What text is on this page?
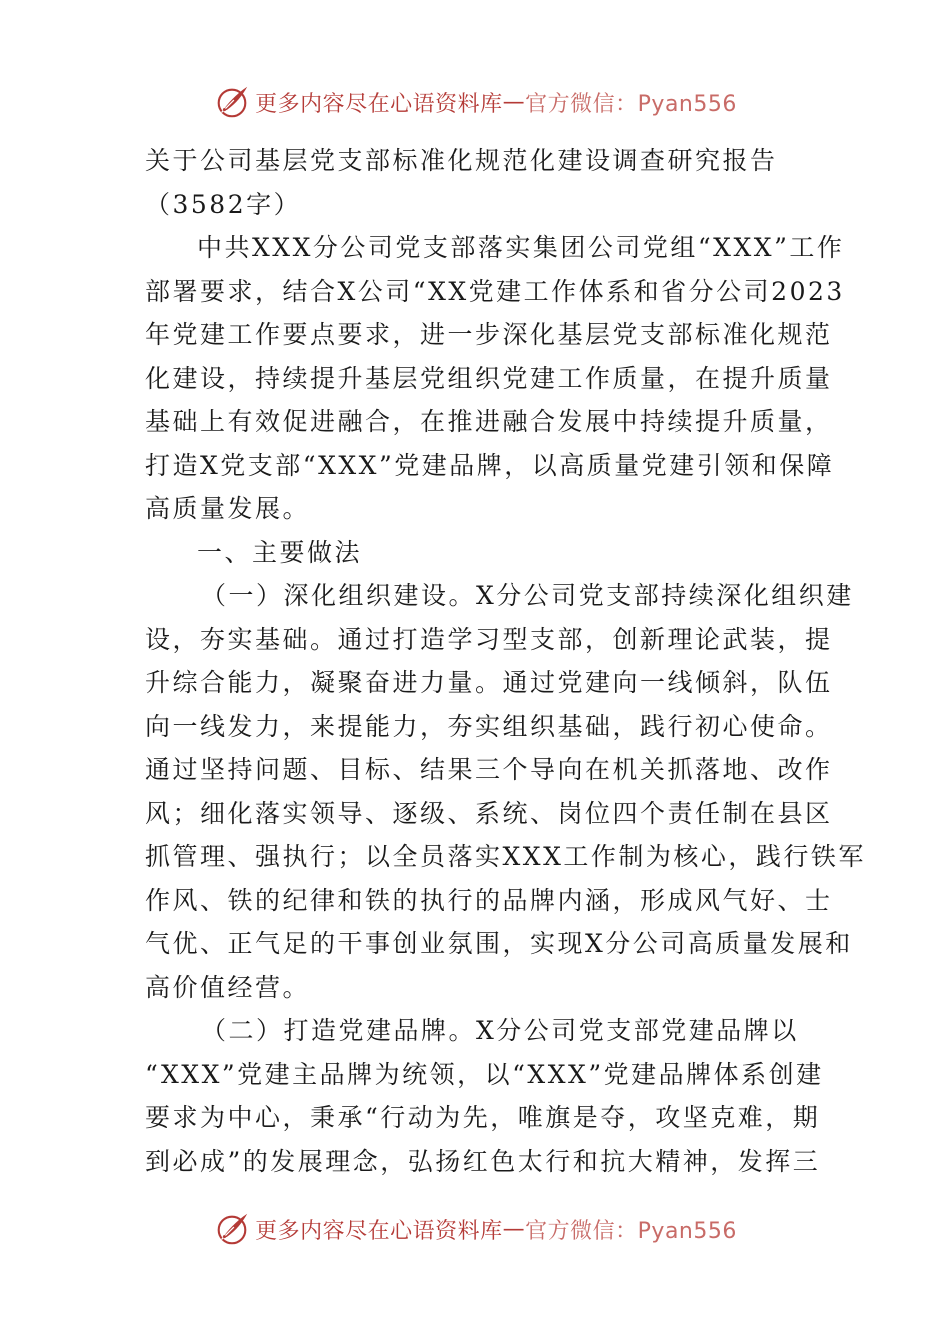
更多内容尽在心语资料库 — 官方微信：Pyan556
关于公司基层党支部标准化规范化建设调查研究报告
（3582字）
中共XXX分公司党支部落实集团公司党组“XXX”工作
部署要求，结合X公司“XX党建工作体系和省分公司2023
年党建工作要点要求，进一步深化基层党支部标准化规范
化建设，持续提升基层党组织党建工作质量，在提升质量
基础上有效促进融合，在推进融合发展中持续提升质量，
打造X党支部“XXX”党建品牌，以高质量党建引领和保障
高质量发展。
一、主要做法
（一）深化组织建设。X分公司党支部持续深化组织建
设，夯实基础。通过打造学习型支部，创新理论武装，提
升综合能力，凝聚奋进力量。通过党建向一线倾斜，队伍
向一线发力，来提能力，夯实组织基础，践行初心使命。
通过坚持问题、目标、结果三个导向在机关抓落地、改作
风；细化落实领导、逐级、系统、岗位四个责任制在县区
抓管理、强执行；以全员落实XXX工作制为核心，践行铁军
作风、铁的纪律和铁的执行的品牌内涵，形成风气好、士
气优、正气足的干事创业氛围，实现X分公司高质量发展和
高价值经营。
（二）打造党建品牌。X分公司党支部党建品牌以
“XXX”党建主品牌为统领，以“XXX”党建品牌体系创建
要求为中心，秉承“行动为先，唯旗是夺，攻坚克难，期
到必成”的发展理念，弘扬红色太行和抗大精神，发挥三
更多内容尽在心语资料库 — 官方微信：Pyan556
